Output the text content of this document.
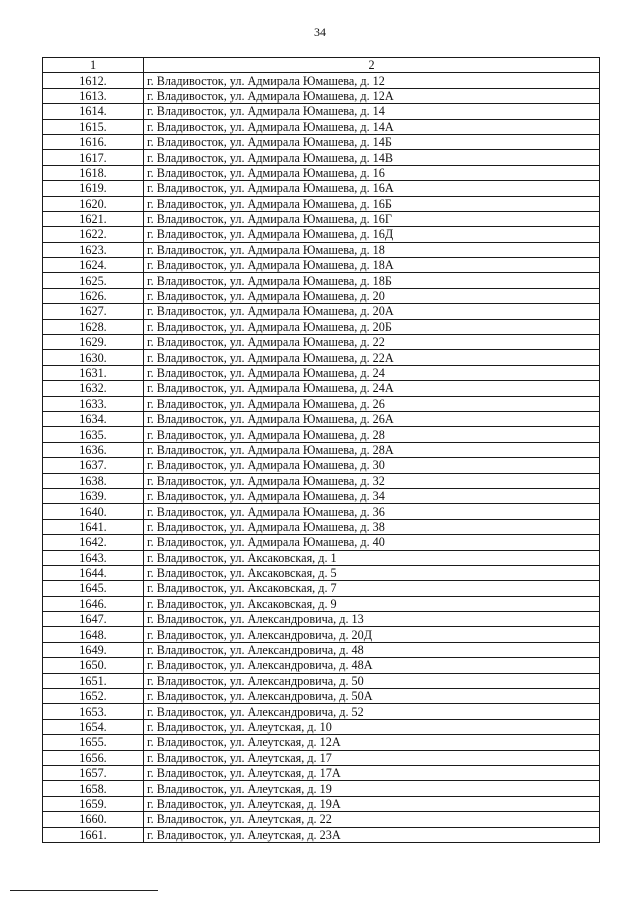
34
1	2
1612.	г. Владивосток, ул. Адмирала Юмашева, д. 12
1613.	г. Владивосток, ул. Адмирала Юмашева, д. 12А
1614.	г. Владивосток, ул. Адмирала Юмашева, д. 14
1615.	г. Владивосток, ул. Адмирала Юмашева, д. 14А
1616.	г. Владивосток, ул. Адмирала Юмашева, д. 14Б
1617.	г. Владивосток, ул. Адмирала Юмашева, д. 14В
1618.	г. Владивосток, ул. Адмирала Юмашева, д. 16
1619.	г. Владивосток, ул. Адмирала Юмашева, д. 16А
1620.	г. Владивосток, ул. Адмирала Юмашева, д. 16Б
1621.	г. Владивосток, ул. Адмирала Юмашева, д. 16Г
1622.	г. Владивосток, ул. Адмирала Юмашева, д. 16Д
1623.	г. Владивосток, ул. Адмирала Юмашева, д. 18
1624.	г. Владивосток, ул. Адмирала Юмашева, д. 18А
1625.	г. Владивосток, ул. Адмирала Юмашева, д. 18Б
1626.	г. Владивосток, ул. Адмирала Юмашева, д. 20
1627.	г. Владивосток, ул. Адмирала Юмашева, д. 20А
1628.	г. Владивосток, ул. Адмирала Юмашева, д. 20Б
1629.	г. Владивосток, ул. Адмирала Юмашева, д. 22
1630.	г. Владивосток, ул. Адмирала Юмашева, д. 22А
1631.	г. Владивосток, ул. Адмирала Юмашева, д. 24
1632.	г. Владивосток, ул. Адмирала Юмашева, д. 24А
1633.	г. Владивосток, ул. Адмирала Юмашева, д. 26
1634.	г. Владивосток, ул. Адмирала Юмашева, д. 26А
1635.	г. Владивосток, ул. Адмирала Юмашева, д. 28
1636.	г. Владивосток, ул. Адмирала Юмашева, д. 28А
1637.	г. Владивосток, ул. Адмирала Юмашева, д. 30
1638.	г. Владивосток, ул. Адмирала Юмашева, д. 32
1639.	г. Владивосток, ул. Адмирала Юмашева, д. 34
1640.	г. Владивосток, ул. Адмирала Юмашева, д. 36
1641.	г. Владивосток, ул. Адмирала Юмашева, д. 38
1642.	г. Владивосток, ул. Адмирала Юмашева, д. 40
1643.	г. Владивосток, ул. Аксаковская, д. 1
1644.	г. Владивосток, ул. Аксаковская, д. 5
1645.	г. Владивосток, ул. Аксаковская, д. 7
1646.	г. Владивосток, ул. Аксаковская, д. 9
1647.	г. Владивосток, ул. Александровича, д. 13
1648.	г. Владивосток, ул. Александровича, д. 20Д
1649.	г. Владивосток, ул. Александровича, д. 48
1650.	г. Владивосток, ул. Александровича, д. 48А
1651.	г. Владивосток, ул. Александровича, д. 50
1652.	г. Владивосток, ул. Александровича, д. 50А
1653.	г. Владивосток, ул. Александровича, д. 52
1654.	г. Владивосток, ул. Алеутская, д. 10
1655.	г. Владивосток, ул. Алеутская, д. 12А
1656.	г. Владивосток, ул. Алеутская, д. 17
1657.	г. Владивосток, ул. Алеутская, д. 17А
1658.	г. Владивосток, ул. Алеутская, д. 19
1659.	г. Владивосток, ул. Алеутская, д. 19А
1660.	г. Владивосток, ул. Алеутская, д. 22
1661.	г. Владивосток, ул. Алеутская, д. 23А
